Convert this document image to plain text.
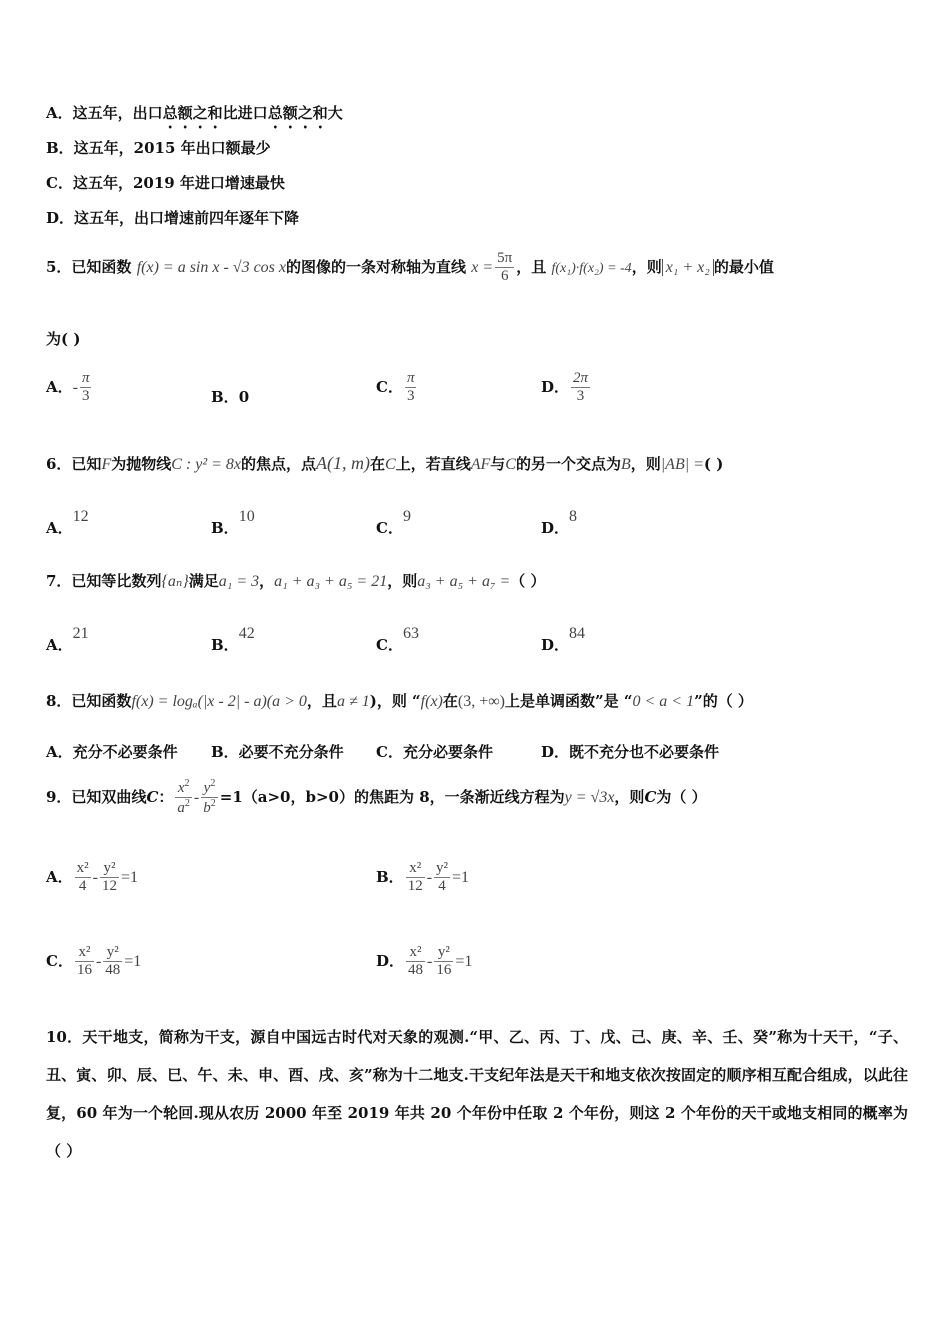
A．这五年，出口总额之和比进口总额之和大
B．这五年，2015 年出口额最少
C．这五年，2019 年进口增速最快
D．这五年，出口增速前四年逐年下降
5．已知函数 f(x) = a sin x - √3 cos x的图像的一条对称轴为直线 $x = \frac{5\pi}{6}$ ，且 f(x₁)·f(x₂) = -4，则 x₁ + x₂ 的最小值
为( )
A．- $\frac{\pi}{3}$	B．0
C． $\frac{\pi}{3}$	D． $\frac{2\pi}{3}$
6．已知F为抛物线C : y² = 8x的焦点，点A(1, m)在C上，若直线AF与C的另一个交点为B，则|AB| =( )
A．12
B．10
C．9
D．8
7．已知等比数列{aₙ}满足a₁ = 3，a₁ + a₃ + a₅ = 21，则a₃ + a₅ + a₇ =（ ）
A．21
B．42
C．63
D．84
8．已知函数f(x) = logₐ(|x - 2| - a)(a > 0，且a ≠ 1)，则 “f(x)在(3, +∞)上是单调函数”是 “0 < a < 1”的（ ）
A．充分不必要条件 B．必要不充分条件 C．充分必要条件	D．既不充分也不必要条件
9．已知双曲线C： $\frac{x^2}{a^2} - \frac{y^2}{b^2} =1(a>0$，b>0）的焦距为 8，一条渐近线方程为y = √3x，则C为（ ）
A． $\frac{\text{x²}}{4} - \frac{\text{y²}}{12} =1$	B． $\frac{\text{x²}}{12} - \frac{\text{y²}}{4} =1$
C． $\frac{\text{x²}}{16} - \frac{\text{y²}}{48} =1$	D． $\frac{\text{x²}}{48} - \frac{\text{y²}}{16} =1$
10．天干地支，简称为干支，源自中国远古时代对天象的观测.“甲、乙、丙、丁、戊、己、庚、辛、壬、癸”称为十天干，“子、丑、寅、卯、辰、巳、午、未、申、酉、戌、亥”称为十二地支.干支纪年法是天干和地支依次按固定的顺序相互配合组成，以此往复，60 年为一个轮回.现从农历 2000 年至 2019 年共 20 个年份中任取 2 个年份，则这 2 个年份的天干或地支相同的概率为（ ）
